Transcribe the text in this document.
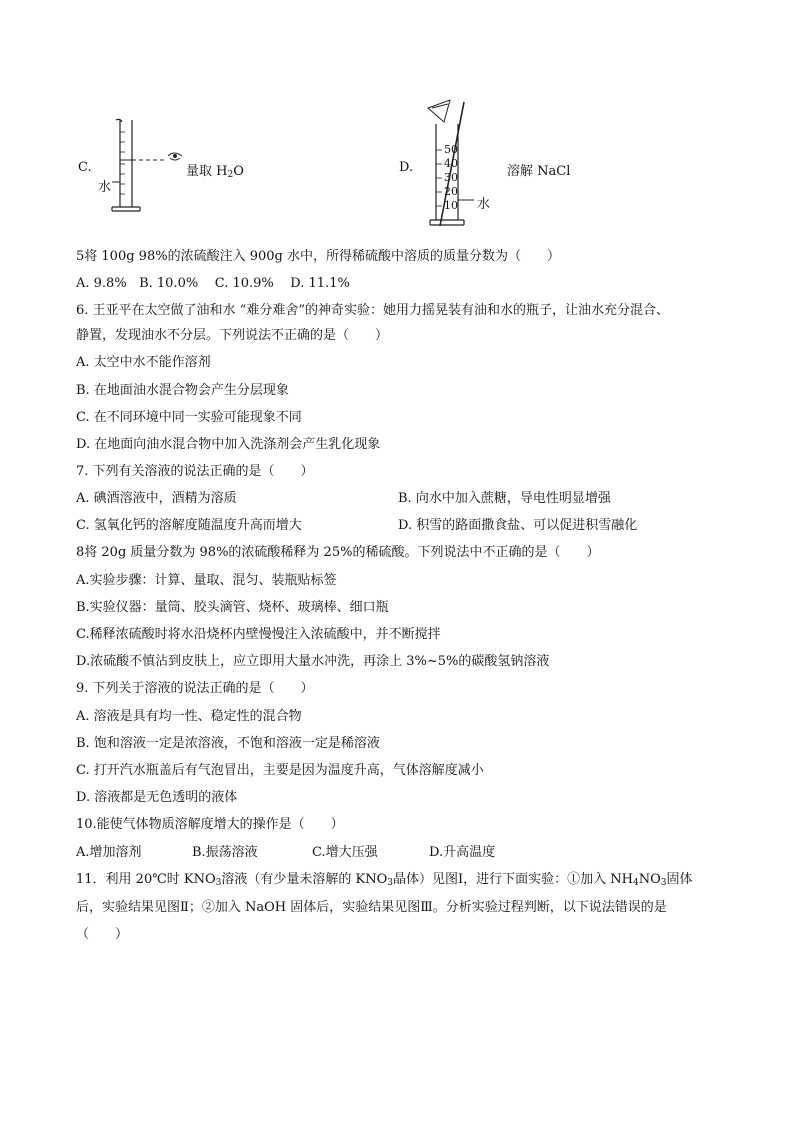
C.
水
量取 $H_2O$	D.
50
40
30
20
10 水
溶解 NaCl
5将 100g 98%的浓硫酸注入 900g 水中，所得稀硫酸中溶质的质量分数为（　　）
A. 9.8%   B. 10.0%    C. 10.9%    D. 11.1%
6. 王亚平在太空做了油和水 “难分难舍”的神奇实验：她用力摇晃装有油和水的瓶子，让油水充分混合、
静置，发现油水不分层。下列说法不正确的是（　　）
A. 太空中水不能作溶剂
B. 在地面油水混合物会产生分层现象
C. 在不同环境中同一实验可能现象不同
D. 在地面向油水混合物中加入洗涤剂会产生乳化现象
7. 下列有关溶液的说法正确的是（　　）
A. 碘酒溶液中，酒精为溶质	B. 向水中加入蔗糖，导电性明显增强
C. 氢氧化钙的溶解度随温度升高而增大	D. 积雪的路面撒食盐、可以促进积雪融化
8将 20g 质量分数为 98%的浓硫酸稀释为 25%的稀硫酸。下列说法中不正确的是（　　）
A.实验步骤：计算、量取、混匀、装瓶贴标签
B.实验仪器：量筒、胶头滴管、烧杯、玻璃棒、细口瓶
C.稀释浓硫酸时将水沿烧杯内壁慢慢注入浓硫酸中，并不断搅拌
D.浓硫酸不慎沾到皮肤上，应立即用大量水冲洗，再涂上 3%~5%的碳酸氢钠溶液
9. 下列关于溶液的说法正确的是（　　）
A. 溶液是具有均一性、稳定性的混合物
B. 饱和溶液一定是浓溶液，不饱和溶液一定是稀溶液
C. 打开汽水瓶盖后有气泡冒出，主要是因为温度升高，气体溶解度减小
D. 溶液都是无色透明的液体
10.能使气体物质溶解度增大的操作是（　　）
A.增加溶剂	B.振荡溶液	C.增大压强	D.升高温度
11．利用 20℃时 $KNO_3$溶液（有少量未溶解的 $KNO_3$晶体）见图Ⅰ，进行下面实验：①加入 $NH_4NO_3$固体
后，实验结果见图Ⅱ；②加入 NaOH 固体后，实验结果见图Ⅲ。分析实验过程判断，以下说法错误的是
（　　）
